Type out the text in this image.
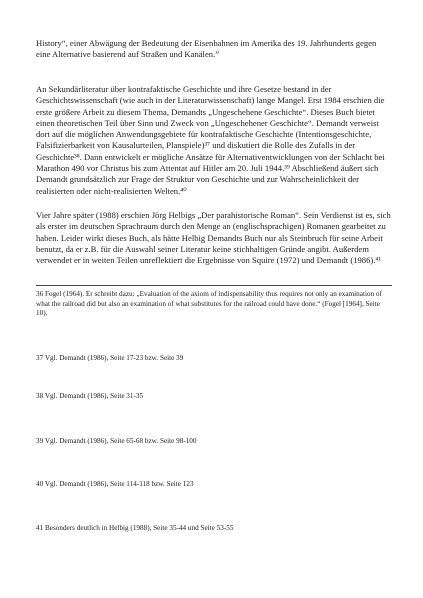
History“, einer Abwägung der Bedeutung der Eisenbahnen im Amerika des 19. Jahrhunderts gegen eine Alternative basierend auf Straßen und Kanälen.”

An Sekundärliteratur über kontrafaktische Geschichte und ihre Gesetze bestand in der Geschichtswissenschaft (wie auch in der Literaturwissenschaft) lange Mangel. Erst 1984 erschien die erste größere Arbeit zu diesem Thema, Demandts „Ungeschehene Geschichte“. Dieses Buch bietet einen theoretischen Teil über Sinn und Zweck von „Ungeschehener Geschichte“. Demandt verweist dort auf die möglichen Anwendungsgebiete für kontrafaktische Geschichte (Intentionsgeschichte, Falsifizierbarkeit von Kausalurteilen, Planspiele)³⁷ und diskutiert die Rolle des Zufalls in der Geschichte³⁸. Dann entwickelt er mögliche Ansätze für Alternativentwicklungen von der Schlacht bei Marathon 490 vor Christus bis zum Attentat auf Hitler am 20. Juli 1944.³⁹ Abschließend äußert sich Demandt grundsätzlich zur Frage der Struktur von Geschichte und zur Wahrscheinlichkeit der realisierten oder nicht-realisierten Welten.⁴⁰

Vier Jahre später (1988) erschien Jörg Helbigs „Der parahistorische Roman“. Sein Verdienst ist es, sich als erster im deutschen Sprachraum durch den Menge an (englischsprachigen) Romanen gearbeitet zu haben. Leider wirkt dieses Buch, als hätte Helbig Demandts Buch nur als Steinbruch für seine Arbeit benutzt, da er z.B. für die Auswahl seiner Literatur keine stichhaltigen Gründe angibt. Außerdem verwendet er in weiten Teilen unreflektiert die Ergebnisse von Squire (1972) und Demandt (1986).⁴¹

36 Fogel (1964). Er schreibt dazu: „Evaluation of the axiom of indispensability thus requires not only an examination of what the railroad did but also an examination of what substitutes for the railroad could have done.“ (Fogel [1964], Seite 10).

37 Vgl. Demandt (1986), Seite 17-23 bzw. Seite 39

38 Vgl. Demandt (1986), Seite 31-35

39 Vgl. Demandt (1986), Seite 65-68 bzw. Seite 98-100

40 Vgl. Demandt (1986), Seite 114-118 bzw. Seite 123

41 Besonders deutlich in Helbig (1988), Seite 35-44 und Seite 53-55
